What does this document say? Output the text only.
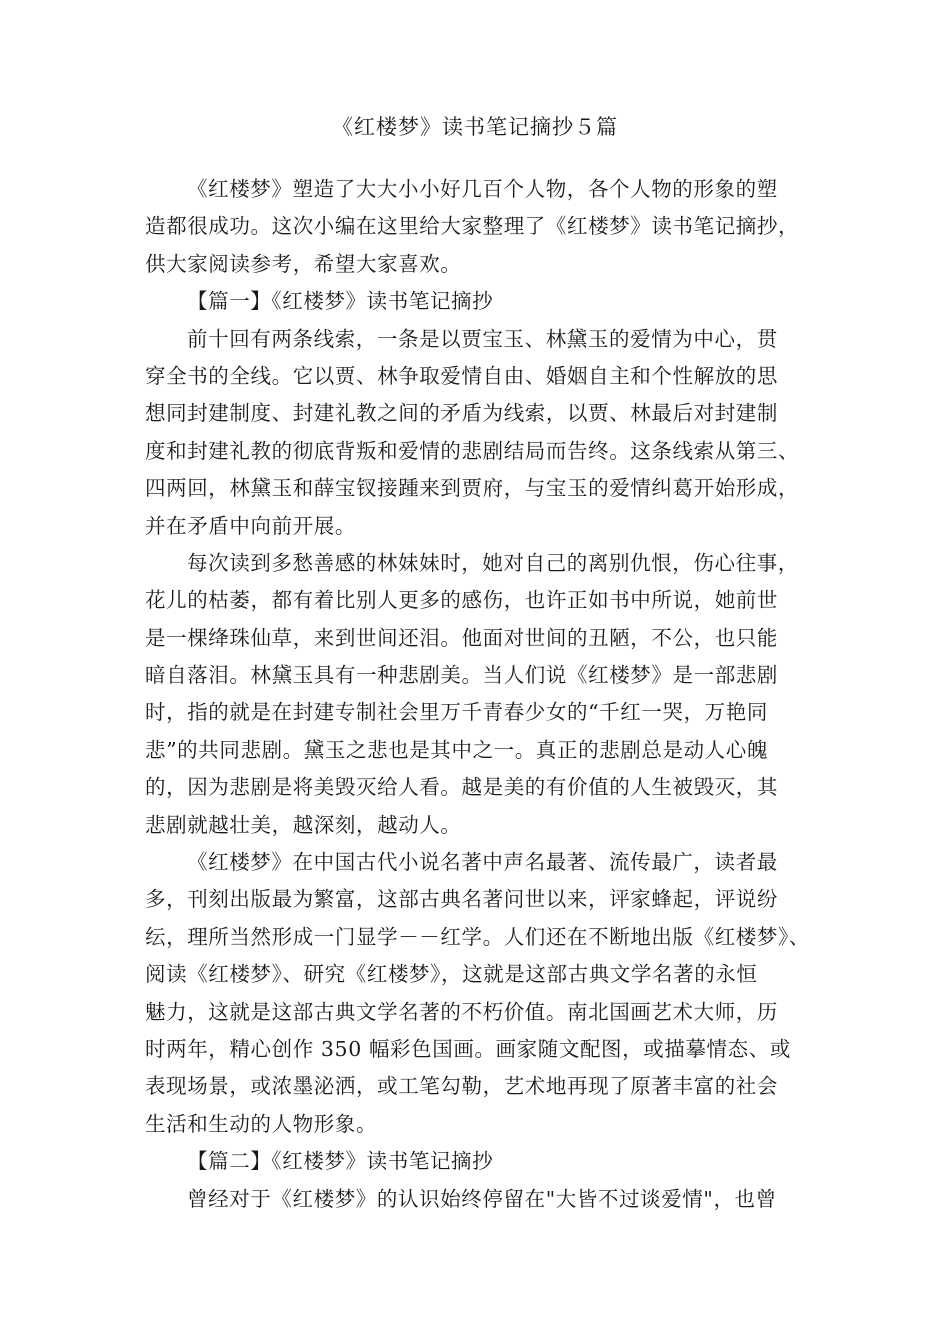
《红楼梦》读书笔记摘抄５篇
《红楼梦》塑造了大大小小好几百个人物，各个人物的形象的塑
造都很成功。这次小编在这里给大家整理了《红楼梦》读书笔记摘抄，
供大家阅读参考，希望大家喜欢。
【篇一】《红楼梦》读书笔记摘抄
前十回有两条线索，一条是以贾宝玉、林黛玉的爱情为中心，贯
穿全书的全线。它以贾、林争取爱情自由、婚姻自主和个性解放的思
想同封建制度、封建礼教之间的矛盾为线索，以贾、林最后对封建制
度和封建礼教的彻底背叛和爱情的悲剧结局而告终。这条线索从第三、
四两回，林黛玉和薛宝钗接踵来到贾府，与宝玉的爱情纠葛开始形成，
并在矛盾中向前开展。
每次读到多愁善感的林妹妹时，她对自己的离别仇恨，伤心往事，
花儿的枯萎，都有着比别人更多的感伤，也许正如书中所说，她前世
是一棵绛珠仙草，来到世间还泪。他面对世间的丑陋，不公，也只能
暗自落泪。林黛玉具有一种悲剧美。当人们说《红楼梦》是一部悲剧
时，指的就是在封建专制社会里万千青春少女的“千红一哭，万艳同
悲”的共同悲剧。黛玉之悲也是其中之一。真正的悲剧总是动人心魄
的，因为悲剧是将美毁灭给人看。越是美的有价值的人生被毁灭，其
悲剧就越壮美，越深刻，越动人。
《红楼梦》在中国古代小说名著中声名最著、流传最广，读者最
多，刊刻出版最为繁富，这部古典名著问世以来，评家蜂起，评说纷
纭，理所当然形成一门显学－－红学。人们还在不断地出版《红楼梦》、
阅读《红楼梦》、研究《红楼梦》，这就是这部古典文学名著的永恒
魅力，这就是这部古典文学名著的不朽价值。南北国画艺术大师，历
时两年，精心创作 350 幅彩色国画。画家随文配图，或描摹情态、或
表现场景，或浓墨泌洒，或工笔勾勒，艺术地再现了原著丰富的社会
生活和生动的人物形象。
【篇二】《红楼梦》读书笔记摘抄
曾经对于《红楼梦》的认识始终停留在"大皆不过谈爱情"，也曾
